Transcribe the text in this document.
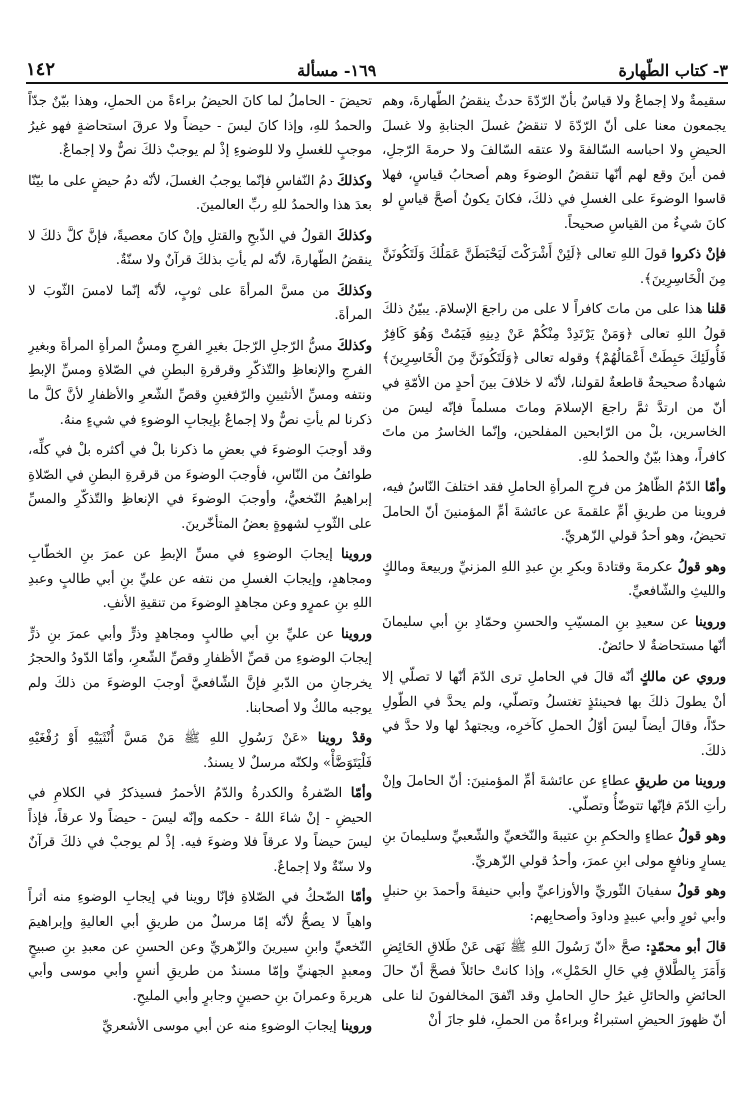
١٤٢	١٦٩- مسألة	٣- كتاب الطّهارة

سقيمةٌ ولا إجماعٌ ولا قياسٌ بأنّ الرّدّةَ حدثٌ ينقضُ الطّهارةَ، وهم يجمعون معنا على أنّ الرّدّةَ لا تنقضُ غسلَ الجنابةِ ولا غسلَ الحيضِ ولا احباسه السّالفةَ ولا عتقه السّالفَ ولا حرمةَ الرّجلِ، فمن أينَ وقع لهم أنّها تنقضُ الوضوءَ وهم أصحابُ قياسٍ، فهلا قاسوا الوضوءَ على الغسلِ في ذلكَ، فكانَ يكونُ أصحَّ قياسٍ لو كانَ شيءٌ من القياسِ صحيحاً.

فإنْ ذكروا قولَ اللهِ تعالى ﴿لَئِنْ أَشْرَكْتَ لَيَحْبَطَنَّ عَمَلُكَ وَلَتَكُونَنَّ مِنَ الْخَاسِرِينَ﴾.

قلنا هذا على من ماتَ كافراً لا على من راجعَ الإسلامَ. يبيّنُ ذلكَ قولُ اللهِ تعالى ﴿وَمَنْ يَرْتَدِدْ مِنْكُمْ عَنْ دِينِهِ فَيَمُتْ وَهُوَ كَافِرٌ فَأُولَئِكَ حَبِطَتْ أَعْمَالُهُمْ﴾ وقوله تعالى ﴿وَلَتَكُونَنَّ مِنَ الْخَاسِرِينَ﴾ شهادةٌ صحيحةٌ قاطعةٌ لقولنا، لأنّه لا خلافَ بينَ أحدٍ من الأمّةِ في أنّ من ارتدَّ ثمَّ راجعَ الإسلامَ وماتَ مسلماً فإنّه ليسَ من الخاسرين، بلْ من الرّابحين المفلحين، وإنّما الخاسرُ من ماتَ كافراً، وهذا بيّنٌ والحمدُ للهِ.

وأمّا الدّمُ الظّاهرُ من فرجِ المرأةِ الحاملِ فقد اختلفَ النّاسُ فيه، فروينا من طريقِ أمِّ علقمةَ عن عائشةَ أمِّ المؤمنينَ أنّ الحاملَ تحيضُ، وهو أحدُ قولي الزّهريِّ.

وهو قولُ عكرمةَ وقتادةَ وبكرِ بنِ عبدِ اللهِ المزنيِّ وربيعةَ ومالكٍ والليثِ والشّافعيِّ.

وروينا عن سعيدِ بنِ المسيّبِ والحسنِ وحمّادِ بنِ أبي سليمانَ أنّها مستحاضةٌ لا حائضٌ.

وروي عن مالكٍ أنّه قالَ في الحاملِ ترى الدّمَ أنّها لا تصلّي إلا أنْ يطولَ ذلكَ بها فحينئذٍ تغتسلُ وتصلّي، ولم يحدَّ في الطّولِ حدّاً، وقالَ أيضاً ليسَ أوّلُ الحملِ كآخرِه، ويجتهدُ لها ولا حدَّ في ذلكَ.

وروينا من طريقِ عطاءٍ عن عائشةَ أمِّ المؤمنينَ: أنّ الحاملَ وإنْ رأتِ الدّمَ فإنّها تتوضّأُ وتصلّي.

وهو قولُ عطاءٍ والحكمِ بنِ عتيبةَ والنّخعيِّ والشّعبيِّ وسليمانَ بنِ يسارٍ ونافعٍ مولى ابنِ عمرَ، وأحدُ قولي الزّهريِّ.

وهو قولُ سفيانَ الثّوريِّ والأوزاعيِّ وأبي حنيفةَ وأحمدَ بنِ حنبلٍ وأبي ثورٍ وأبي عبيدٍ وداودَ وأصحابِهم:

قالَ أبو محمّدٍ: صحَّ «أنّ رَسُولَ اللهِ ﷺ نَهَى عَنْ طَلاقِ الحَائِضِ وَأَمَرَ بِالطَّلاقِ فِي حَالِ الحَمْلِ»، وإذا كانتْ حائلاً فصحَّ أنّ حالَ الحائضِ والحائلِ غيرُ حالِ الحاملِ وقد اتّفقَ المخالفونَ لنا على أنّ ظهورَ الحيضِ استبراءٌ وبراءةٌ من الحملِ، فلو جازَ أنْ

تحيضَ - الحاملُ لما كانَ الحيضُ براءةً من الحملِ، وهذا بيّنٌ جدّاً والحمدُ للهِ، وإذا كانَ ليسَ - حيضاً ولا عرقَ استحاضةٍ فهو غيرُ موجبٍ للغسلِ ولا للوضوءِ إذْ لم يوجبْ ذلكَ نصٌّ ولا إجماعٌ.

وكذلكَ دمُ النّفاسِ فإنّما يوجبُ الغسلَ، لأنّه دمُ حيضٍ على ما بيّنّا بعدَ هذا والحمدُ للهِ ربِّ العالمينَ.

وكذلكَ القولُ في الذّبحِ والقتلِ وإنْ كانَ معصيةً، فإنَّ كلَّ ذلكَ لا ينقضُ الطّهارةَ، لأنّه لم يأتِ بذلكَ قرآنٌ ولا سنّةٌ.

وكذلكَ من مسَّ المرأةَ على ثوبٍ، لأنّه إنّما لامسَ الثّوبَ لا المرأةَ.

وكذلكَ مسُّ الرّجلِ الرّجلَ بغيرِ الفرجِ ومسُّ المرأةِ المرأةَ وبغيرِ الفرجِ والإنعاظِ والتّذكّرِ وقرقرةِ البطنِ في الصّلاةِ ومسِّ الإبطِ ونتفه ومسِّ الأنثيينِ والرّفغينِ وقصِّ الشّعرِ والأظفارِ لأنَّ كلَّ ما ذكرنا لم يأتِ نصٌّ ولا إجماعٌ بإيجابِ الوضوءِ في شيءٍ منهُ.

وقد أوجبَ الوضوءَ في بعضِ ما ذكرنا بلْ في أكثره بلْ في كلِّه، طوائفُ من النّاسِ، فأوجبَ الوضوءَ من قرقرةِ البطنِ في الصّلاةِ إبراهيمُ النّخعيُّ، وأوجبَ الوضوءَ في الإنعاظِ والتّذكّرِ والمسِّ على الثّوبِ لشهوةٍ بعضُ المتأخّرينَ.

وروينا إيجابَ الوضوءِ في مسِّ الإبطِ عن عمرَ بنِ الخطّابِ ومجاهدٍ، وإيجابَ الغسلِ من نتفه عن عليِّ بنِ أبي طالبٍ وعبدِ اللهِ بنِ عمرٍو وعن مجاهدٍ الوضوءَ من تنقيةِ الأنفِ.

وروينا عن عليِّ بنِ أبي طالبٍ ومجاهدٍ وذرٍّ وأبي عمرَ بنِ ذرٍّ إيجابَ الوضوءِ من قصِّ الأظفارِ وقصِّ الشّعرِ، وأمّا الدّودُ والحجرُ يخرجانِ من الدّبرِ فإنَّ الشّافعيَّ أوجبَ الوضوءَ من ذلكَ ولم يوجبه مالكٌ ولا أصحابنا.

وقدْ روينا «عَنْ رَسُولِ اللهِ ﷺ مَنْ مَسَّ أُنْثَيَيْهِ أَوْ رُفْغَيْهِ فَلْيَتَوَضَّأْ» ولكنّه مرسلٌ لا يسندُ.

وأمّا الصّفرةُ والكدرةُ والدّمُ الأحمرُ فسيذكرُ في الكلامِ في الحيضِ - إنْ شاءَ اللهُ - حكمه وإنّه ليسَ - حيضاً ولا عرقاً، فإذاً ليسَ حيضاً ولا عرقاً فلا وضوءَ فيه. إذْ لم يوجبْ في ذلكَ قرآنٌ ولا سنّةٌ ولا إجماعٌ.

وأمّا الضّحكُ في الصّلاةِ فإنّا روينا في إيجابِ الوضوءِ منه أثراً واهياً لا يصحُّ لأنّه إمّا مرسلٌ من طريقِ أبي العاليةِ وإبراهيمَ النّخعيِّ وابنِ سيرينَ والزّهريِّ وعن الحسنِ عن معبدِ بنِ صبيحٍ ومعبدٍ الجهنيِّ وإمّا مسندٌ من طريقِ أنسٍ وأبي موسى وأبي هريرةَ وعمرانَ بنِ حصينٍ وجابرٍ وأبي المليحِ.

وروينا إيجابَ الوضوءِ منه عن أبي موسى الأشعريِّ
